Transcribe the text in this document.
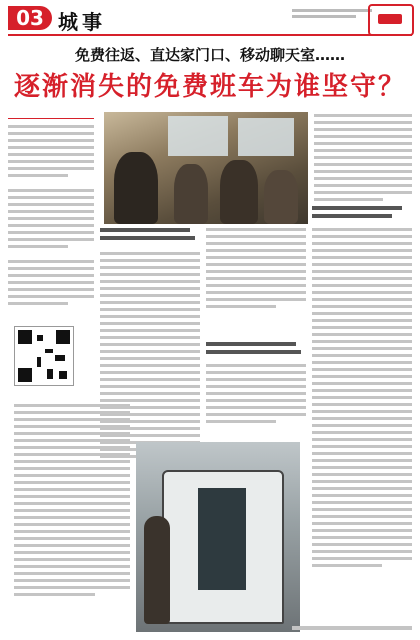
03 城事
免费往返、直达家门口、移动聊天室……
逐渐消失的免费班车为谁坚守？
